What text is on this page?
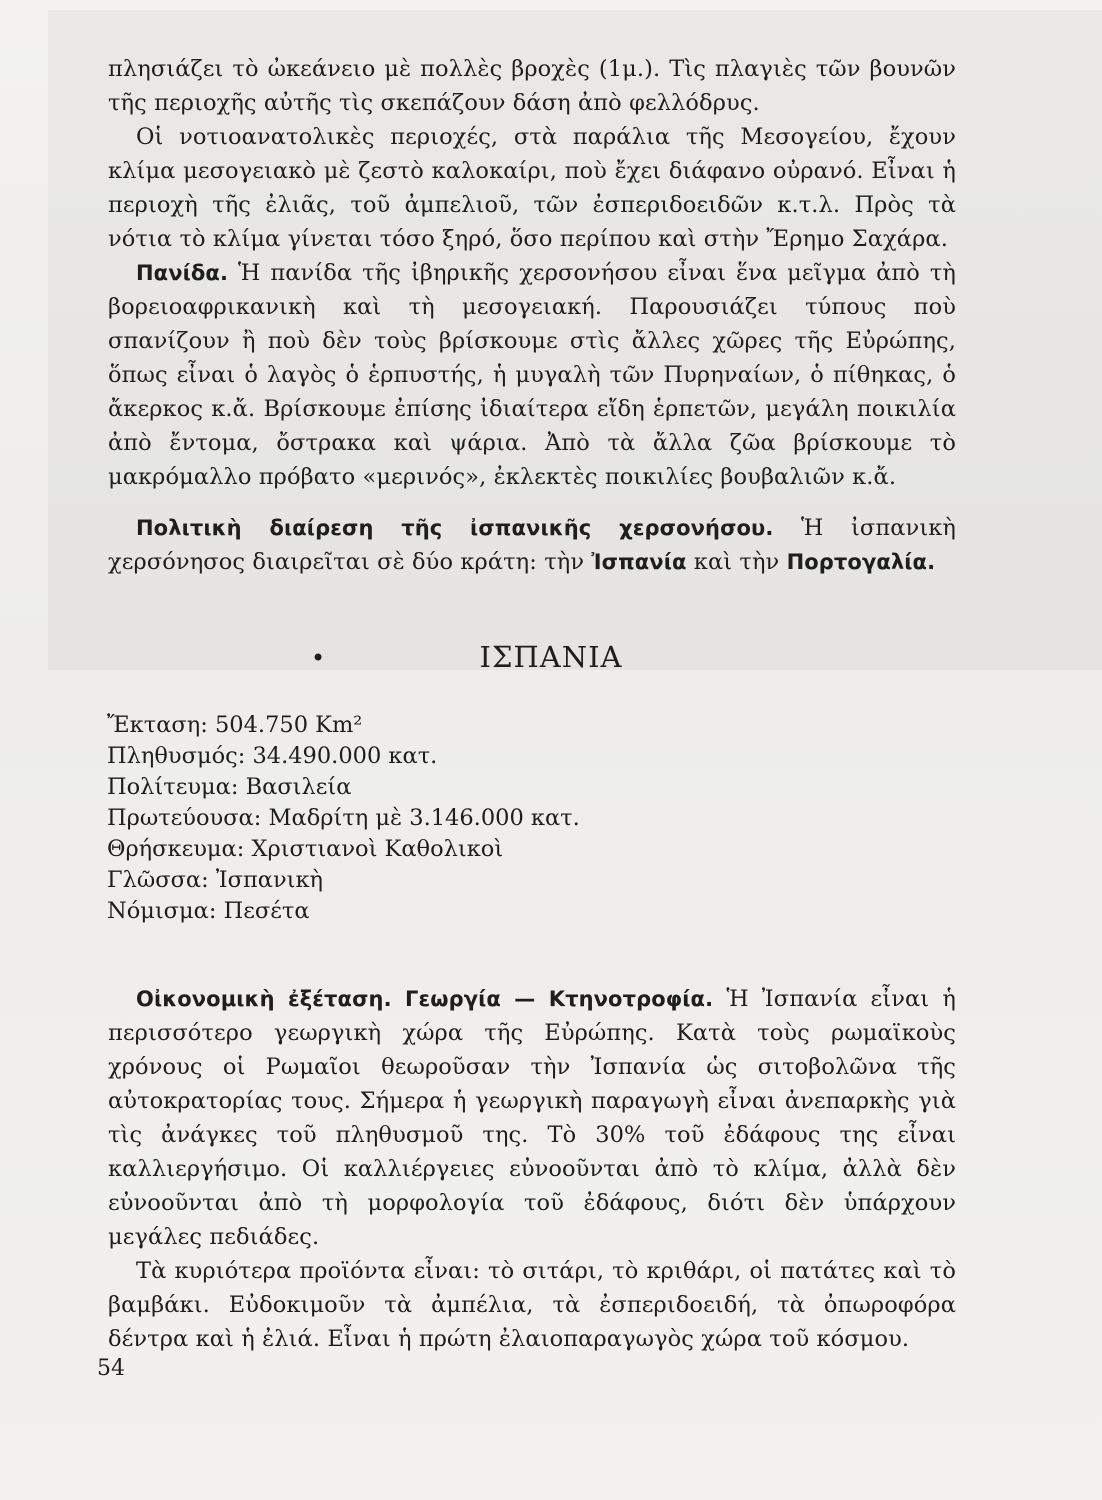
πλησιάζει τὸ ὠκεάνειο μὲ πολλὲς βροχὲς (1μ.). Τὶς πλαγιὲς τῶν βουνῶν τῆς περιοχῆς αὐτῆς τὶς σκεπάζουν δάση ἀπὸ φελλόδρυς.

Οἱ νοτιοανατολικὲς περιοχές, στὰ παράλια τῆς Μεσογείου, ἔχουν κλίμα μεσογειακὸ μὲ ζεστὸ καλοκαίρι, ποὺ ἔχει διάφανο οὐρανό. Εἶναι ἡ περιοχὴ τῆς ἐλιᾶς, τοῦ ἀμπελιοῦ, τῶν ἐσπεριδοειδῶν κ.τ.λ. Πρὸς τὰ νότια τὸ κλίμα γίνεται τόσο ξηρό, ὅσο περίπου καὶ στὴν Ἔρημο Σαχάρα.

Πανίδα. Ἡ πανίδα τῆς ἰβηρικῆς χερσονήσου εἶναι ἕνα μεῖγμα ἀπὸ τὴ βορειοαφρικανικὴ καὶ τὴ μεσογειακή. Παρουσιάζει τύπους ποὺ σπανίζουν ἢ ποὺ δὲν τοὺς βρίσκουμε στὶς ἄλλες χῶρες τῆς Εὐρώπης, ὅπως εἶναι ὁ λαγὸς ὁ ἑρπυστής, ἡ μυγαλὴ τῶν Πυρηναίων, ὁ πίθηκας, ὁ ἄκερκος κ.ἄ. Βρίσκουμε ἐπίσης ἰδιαίτερα εἴδη ἑρπετῶν, μεγάλη ποικιλία ἀπὸ ἔντομα, ὄστρακα καὶ ψάρια. Ἀπὸ τὰ ἄλλα ζῶα βρίσκουμε τὸ μακρόμαλλο πρόβατο «μερινός», ἐκλεκτὲς ποικιλίες βουβαλιῶν κ.ἄ.

Πολιτικὴ διαίρεση τῆς ἰσπανικῆς χερσονήσου. Ἡ ἰσπανικὴ χερσόνησος διαιρεῖται σὲ δύο κράτη: τὴν Ἰσπανία καὶ τὴν Πορτογαλία.

•	ΙΣΠΑΝΙΑ
Ἔκταση: 504.750 Km²
Πληθυσμός: 34.490.000 κατ.
Πολίτευμα: Βασιλεία
Πρωτεύουσα: Μαδρίτη μὲ 3.146.000 κατ.
Θρήσκευμα: Χριστιανοὶ Καθολικοὶ
Γλῶσσα: Ἰσπανικὴ
Νόμισμα: Πεσέτα

Οἰκονομικὴ ἐξέταση. Γεωργία — Κτηνοτροφία. Ἡ Ἰσπανία εἶναι ἡ περισσότερο γεωργικὴ χώρα τῆς Εὐρώπης. Κατὰ τοὺς ρωμαϊκοὺς χρόνους οἱ Ρωμαῖοι θεωροῦσαν τὴν Ἰσπανία ὡς σιτοβολῶνα τῆς αὐτοκρατορίας τους. Σήμερα ἡ γεωργικὴ παραγωγὴ εἶναι ἀνεπαρκὴς γιὰ τὶς ἀνάγκες τοῦ πληθυσμοῦ της. Τὸ 30% τοῦ ἐδάφους της εἶναι καλλιεργήσιμο. Οἱ καλλιέργειες εὐνοοῦνται ἀπὸ τὸ κλίμα, ἀλλὰ δὲν εὐνοοῦνται ἀπὸ τὴ μορφολογία τοῦ ἐδάφους, διότι δὲν ὑπάρχουν μεγάλες πεδιάδες.

Τὰ κυριότερα προϊόντα εἶναι: τὸ σιτάρι, τὸ κριθάρι, οἱ πατάτες καὶ τὸ βαμβάκι. Εὐδοκιμοῦν τὰ ἀμπέλια, τὰ ἐσπεριδοειδή, τὰ ὀπωροφόρα δέντρα καὶ ἡ ἐλιά. Εἶναι ἡ πρώτη ἐλαιοπαραγωγὸς χώρα τοῦ κόσμου.

54
